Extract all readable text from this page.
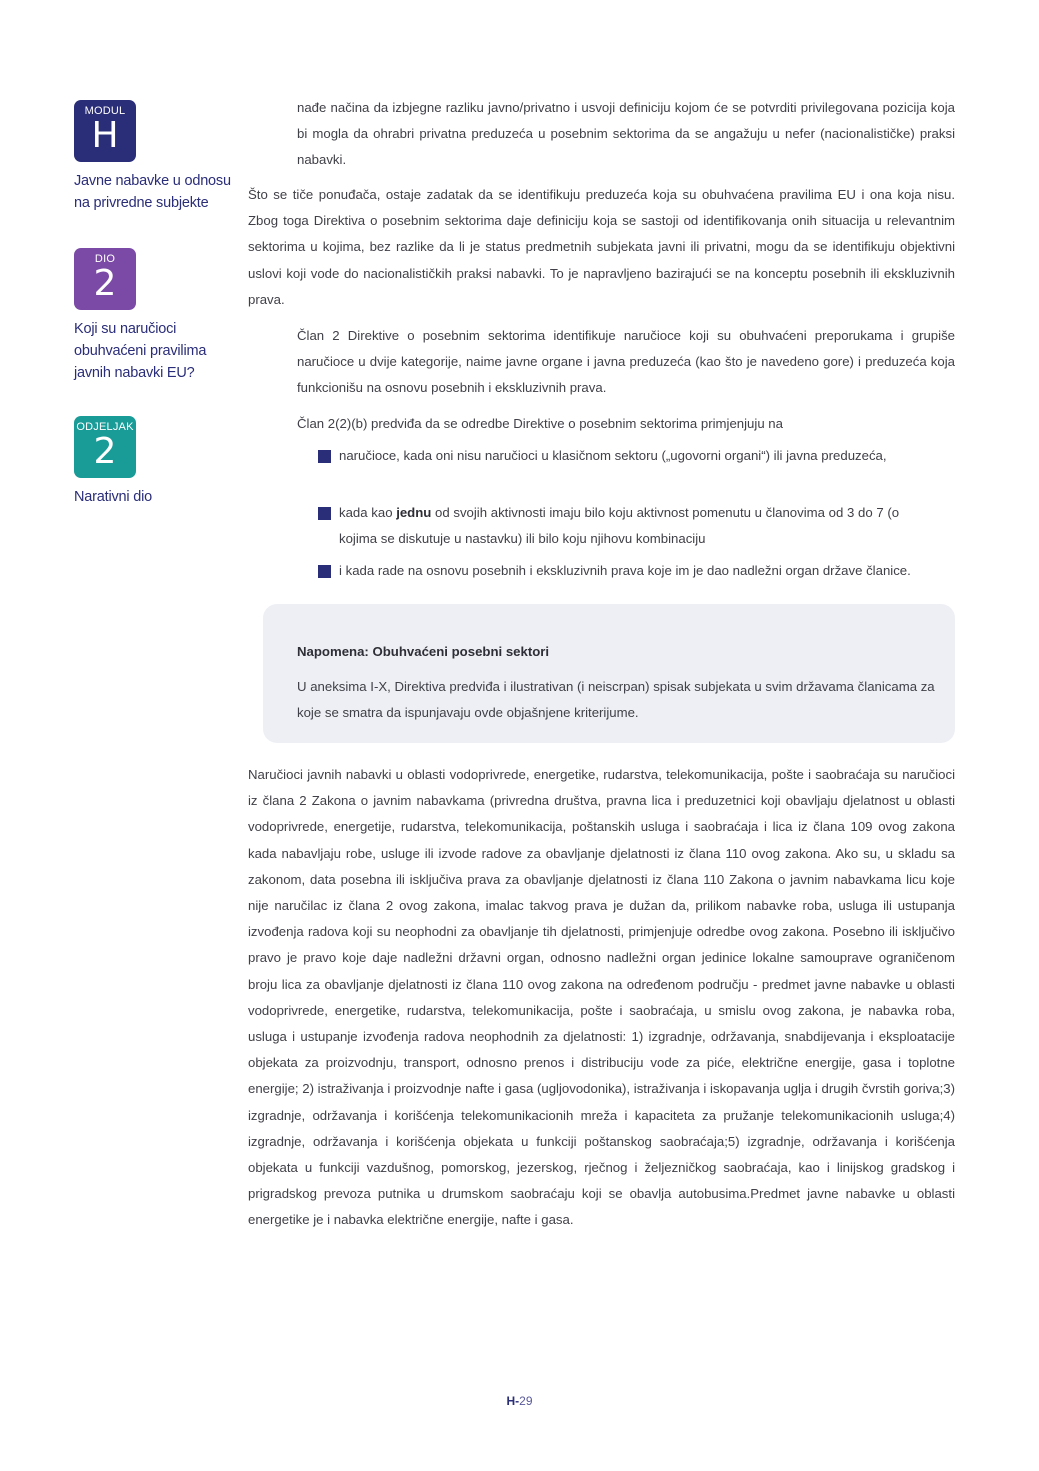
MODUL
H
Javne nabavke u odnosu na privredne subjekte
DIO
2
Koji su naručioci obuhvaćeni pravilima javnih nabavki EU?
ODJELJAK
2
Narativni dio
nađe načina da izbjegne razliku javno/privatno i usvoji definiciju kojom će se potvrditi privilegovana pozicija koja bi mogla da ohrabri privatna preduzeća u posebnim sektorima da se angažuju u nefer (nacionalističke) praksi nabavki.
Što se tiče ponuđača, ostaje zadatak da se identifikuju preduzeća koja su obuhvaćena pravilima EU i ona koja nisu. Zbog toga Direktiva o posebnim sektorima daje definiciju koja se sastoji od identifikovanja onih situacija u relevantnim sektorima u kojima, bez razlike da li je status predmetnih subjekata javni ili privatni, mogu da se identifikuju objektivni uslovi koji vode do nacionalističkih praksi nabavki. To je napravljeno bazirajući se na konceptu posebnih ili ekskluzivnih prava.
Član 2 Direktive o posebnim sektorima identifikuje naručioce koji su obuhvaćeni preporukama i grupiše naručioce u dvije kategorije, naime javne organe i javna preduzeća (kao što je navedeno gore) i preduzeća koja funkcionišu na osnovu posebnih i ekskluzivnih prava.
Član 2(2)(b) predviđa da se odredbe Direktive o posebnim sektorima primjenjuju na
naručioce, kada oni nisu naručioci u klasičnom sektoru („ugovorni organi“) ili javna preduzeća,
kada kao jednu od svojih aktivnosti imaju bilo koju aktivnost pomenutu u članovima od 3 do 7 (o kojima se diskutuje u nastavku) ili bilo koju njihovu kombinaciju
i kada rade na osnovu posebnih i ekskluzivnih prava koje im je dao nadležni organ države članice.
Napomena: Obuhvaćeni posebni sektori
U aneksima I-X, Direktiva predviđa i ilustrativan (i neiscrpan) spisak subjekata u svim državama članicama za koje se smatra da ispunjavaju ovde objašnjene kriterijume.
Naručioci javnih nabavki u oblasti vodoprivrede, energetike, rudarstva, telekomunikacija, pošte i saobraćaja su naručioci iz člana 2 Zakona o javnim nabavkama (privredna društva, pravna lica i preduzetnici koji obavljaju djelatnost u oblasti vodoprivrede, energetije, rudarstva, telekomunikacija, poštanskih usluga i saobraćaja i lica iz člana 109 ovog zakona kada nabavljaju robe, usluge ili izvode radove za obavljanje djelatnosti iz člana 110 ovog zakona. Ako su, u skladu sa zakonom, data posebna ili isključiva prava za obavljanje djelatnosti iz člana 110 Zakona o javnim nabavkama licu koje nije naručilac iz člana 2 ovog zakona, imalac takvog prava je dužan da, prilikom nabavke roba, usluga ili ustupanja izvođenja radova koji su neophodni za obavljanje tih djelatnosti, primjenjuje odredbe ovog zakona. Posebno ili isključivo pravo je pravo koje daje nadležni državni organ, odnosno nadležni organ jedinice lokalne samouprave ograničenom broju lica za obavljanje djelatnosti iz člana 110 ovog zakona na određenom području - predmet javne nabavke u oblasti vodoprivrede, energetike, rudarstva, telekomunikacija, pošte i saobraćaja, u smislu ovog zakona, je nabavka roba, usluga i ustupanje izvođenja radova neophodnih za djelatnosti: 1) izgradnje, održavanja, snabdijevanja i eksploatacije objekata za proizvodnju, transport, odnosno prenos i distribuciju vode za piće, električne energije, gasa i toplotne energije; 2) istraživanja i proizvodnje nafte i gasa (ugljovodonika), istraživanja i iskopavanja uglja i drugih čvrstih goriva;3) izgradnje, održavanja i korišćenja telekomunikacionih mreža i kapaciteta za pružanje telekomunikacionih usluga;4) izgradnje, održavanja i korišćenja objekata u funkciji poštanskog saobraćaja;5) izgradnje, održavanja i korišćenja objekata u funkciji vazdušnog, pomorskog, jezerskog, rječnog i željezničkog saobraćaja, kao i linijskog gradskog i prigradskog prevoza putnika u drumskom saobraćaju koji se obavlja autobusima.Predmet javne nabavke u oblasti energetike je i nabavka električne energije, nafte i gasa.
H-29
